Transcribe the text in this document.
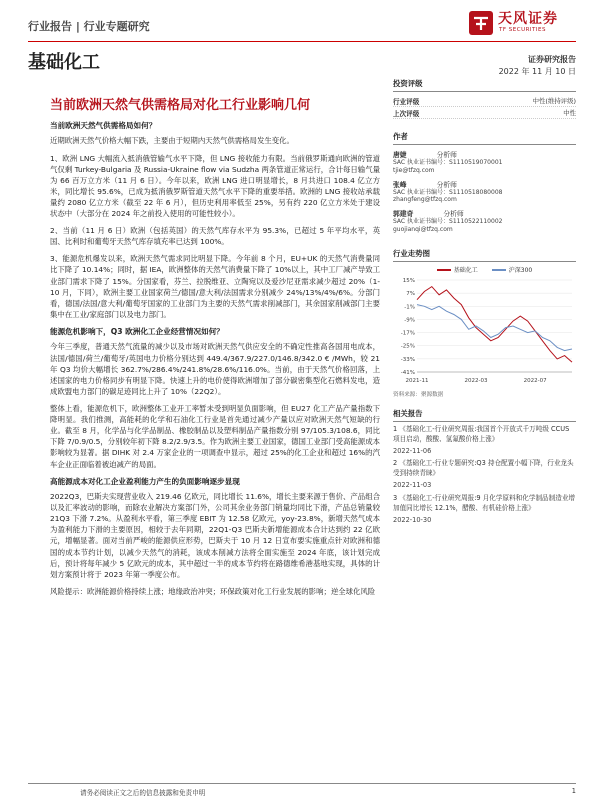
行业报告 | 行业专题研究	天风证券
TF SECURITIES
基础化工	证券研究报告
2022 年 11 月 10 日
当前欧洲天然气供需格局对化工行业影响几何
当前欧洲天然气供需格局如何？

近期欧洲天然气价格大幅下跌，主要由于短期内天然气供需格局发生变化。

1、欧洲 LNG 大幅流入抵消俄管输气水平下降，但 LNG 接收能力有限。当前俄罗斯通向欧洲的管道气仅剩 Turkey-Bulgaria 及 Russia-Ukraine flow via Sudzha 两条管道正常运行，合计每日输气量为 66 百万立方米（11 月 6 日）。今年以来，欧洲 LNG 进口明显增长，8 月共进口 108.4 亿立方米，同比增长 95.6%，已成为抵消俄罗斯管道天然气水平下降的重要举措。欧洲的 LNG 接收站承载量约 2080 亿立方米（截至 22 年 6 月），但历史利用率低至 25%，另有约 220 亿立方米处于建设状态中（大部分在 2024 年之前投入使用的可能性较小）。

2、当前（11 月 6 日）欧洲（包括英国）的天然气库存水平为 95.3%，已超过 5 年平均水平，英国、比利时和葡萄牙天然气库存填充率已达到 100%。

3、能源危机爆发以来，欧洲天然气需求同比明显下降。今年前 8 个月，EU+UK 的天然气消费量同比下降了 10.14%；同时，据 IEA，欧洲整体的天然气消费量下降了 10%以上，其中工厂减产导致工业部门需求下降了 15%。分国家看，芬兰、拉脱维亚、立陶宛以及爱沙尼亚需求减少超过 20%（1-10 月，下同），欧洲主要工业国家荷兰/德国/意大利/法国需求分别减少 24%/13%/4%/6%。分部门看，德国/法国/意大利/葡萄牙国家的工业部门为主要的天然气需求削减部门，其余国家削减部门主要集中在工业/家庭部门以及电力部门。

能源危机影响下，Q3 欧洲化工企业经营情况如何？

今年三季度，普通天然气流量的减少以及市场对欧洲天然气供应安全的不确定性推高各国用电成本，法国/德国/荷兰/葡萄牙/英国电力价格分别达到 449.4/367.9/227.0/146.8/342.0 € /MWh，较 21 年 Q3 均价大幅增长 362.7%/286.4%/241.8%/28.6%/116.0%。当前，由于天然气价格回落，上述国家的电力价格同步有明显下降。快速上升的电价使得欧洲增加了部分碳密集型化石燃料发电，造成欧盟电力部门的碳足迹同比上升了 10%（22Q2）。

整体上看，能源危机下，欧洲整体工业开工率暂未受到明显负面影响，但 EU27 化工产品产量指数下降明显。我们推测，高能耗的化学和石油化工行业是首先通过减少产量以应对欧洲天然气短缺的行业。截至 8 月，化学品与化学品制品、橡胶制品以及塑料制品产量指数分别 97/105.3/108.6，同比下降 7/0.9/0.5，分别较年初下降 8.2/2.9/3.5。作为欧洲主要工业国家，德国工业部门受高能源成本影响较为显著。据 DIHK 对 2.4 万家企业的一项调查中显示，超过 25%的化工企业和超过 16%的汽车企业正面临着被迫减产的局面。

高能源成本对化工企业盈利能力产生的负面影响逐步显现

2022Q3，巴斯夫实现营业收入 219.46 亿欧元，同比增长 11.6%，增长主要来源于售价、产品组合以及汇率波动的影响，而除农业解决方案部门外，公司其余业务部门销量均同比下滑，产品总销量较 21Q3 下滑 7.2%。从盈利水平看，第三季度 EBIT 为 12.58 亿欧元，yoy-23.8%，新增天然气成本为盈利能力下滑的主要原因，相较于去年同期，22Q1-Q3 巴斯夫新增能源成本合计达到约 22 亿欧元，增幅显著。面对当前严峻的能源供应形势，巴斯夫于 10 月 12 日宣布要实施重点针对欧洲和德国的成本节约计划，以减少天然气的消耗，该成本削减方法将全面实施至 2024 年底，该计划完成后，预计将每年减少 5 亿欧元的成本，其中超过一半的成本节约将在路德维希港基地实现，具体的计划方案预计将于 2023 年第一季度公布。

风险提示：欧洲能源价格持续上涨；地缘政治冲突；环保政策对化工行业发展的影响；逆全球化风险

投资评级
行业评级	中性(维持评级)
上次评级	中性
作者
唐婕	分析师
SAC 执业证书编号：S1110519070001
tjie@tfzq.com
张峰	分析师
SAC 执业证书编号：S1110518080008
zhangfeng@tfzq.com
郭建奇	分析师
SAC 执业证书编号：S1110522110002
guojianqi@tfzq.com
行业走势图
基础化工	沪深300
15%
7%
-1%
-9%
-17%
-25%
-33%
-41%
2021-11	2022-03	2022-07
资料来源：聚源数据
相关报告

1 《基础化工-行业研究周报:我国首个开放式千万吨级 CCUS 项目启动，酸酸、氢氟酸价格上涨》

2022-11-06

2 《基础化工-行业专题研究:Q3 持仓配置小幅下降，行业龙头受到持续青睐》

2022-11-03

3 《基础化工-行业研究周报:9 月化学原料和化学制品制造业增加值同比增长 12.1%，醋酸、有机硅价格上涨》

2022-10-30

请务必阅读正文之后的信息披露和免责申明	1
